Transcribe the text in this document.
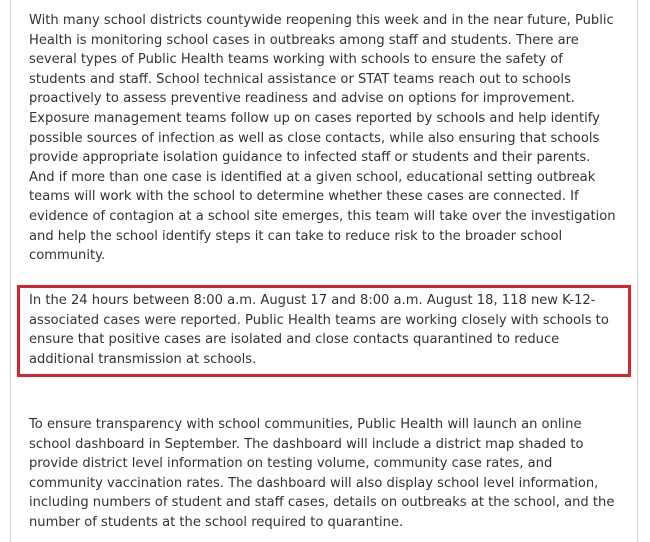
With many school districts countywide reopening this week and in the near future, Public Health is monitoring school cases in outbreaks among staff and students. There are several types of Public Health teams working with schools to ensure the safety of students and staff. School technical assistance or STAT teams reach out to schools proactively to assess preventive readiness and advise on options for improvement. Exposure management teams follow up on cases reported by schools and help identify possible sources of infection as well as close contacts, while also ensuring that schools provide appropriate isolation guidance to infected staff or students and their parents. And if more than one case is identified at a given school, educational setting outbreak teams will work with the school to determine whether these cases are connected. If evidence of contagion at a school site emerges, this team will take over the investigation and help the school identify steps it can take to reduce risk to the broader school community.

In the 24 hours between 8:00 a.m. August 17 and 8:00 a.m. August 18, 118 new K-12-associated cases were reported. Public Health teams are working closely with schools to ensure that positive cases are isolated and close contacts quarantined to reduce additional transmission at schools.

To ensure transparency with school communities, Public Health will launch an online school dashboard in September. The dashboard will include a district map shaded to provide district level information on testing volume, community case rates, and community vaccination rates. The dashboard will also display school level information, including numbers of student and staff cases, details on outbreaks at the school, and the number of students at the school required to quarantine.
